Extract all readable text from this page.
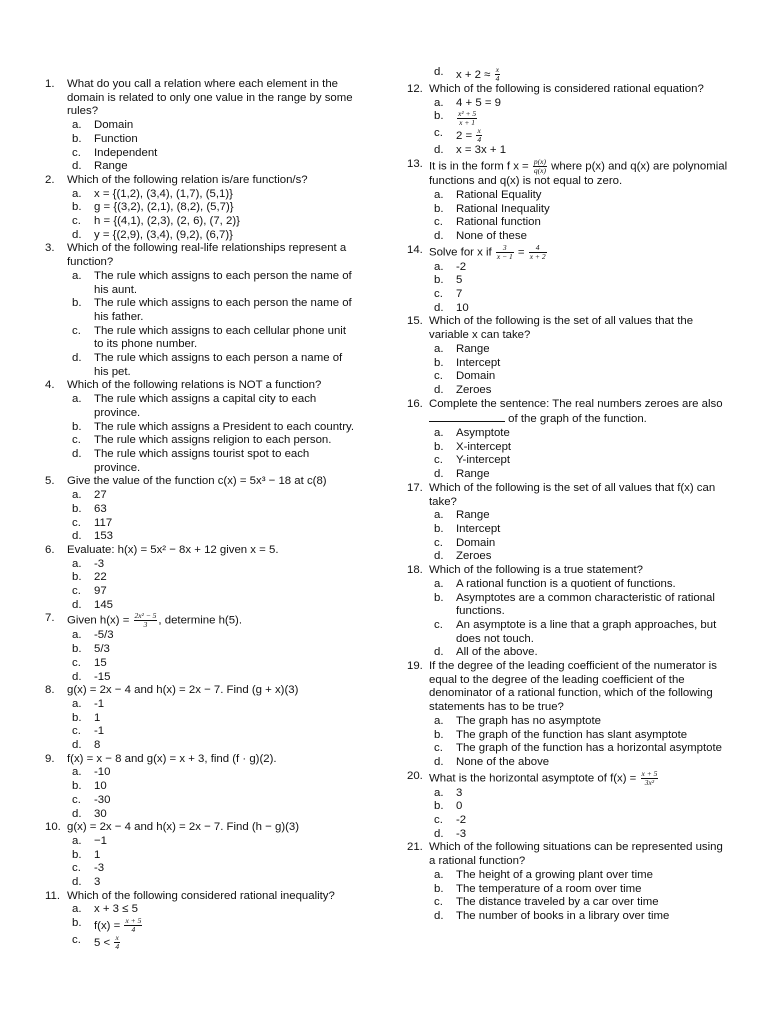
1. What do you call a relation where each element in the domain is related to only one value in the range by some rules?
a. Domain
b. Function
c. Independent
d. Range
2. Which of the following relation is/are function/s?
a. x = {(1,2), (3,4), (1,7), (5,1)}
b. g = {(3,2), (2,1), (8,2), (5,7)}
c. h = {(4,1), (2,3), (2, 6), (7, 2)}
d. y = {(2,9), (3,4), (9,2), (6,7)}
3. Which of the following real-life relationships represent a function?
a. The rule which assigns to each person the name of his aunt.
b. The rule which assigns to each person the name of his father.
c. The rule which assigns to each cellular phone unit to its phone number.
d. The rule which assigns to each person a name of his pet.
4. Which of the following relations is NOT a function?
a. The rule which assigns a capital city to each province.
b. The rule which assigns a President to each country.
c. The rule which assigns religion to each person.
d. The rule which assigns tourist spot to each province.
5. Give the value of the function c(x) = 5x³ − 18 at c(8)
a. 27
b. 63
c. 117
d. 153
6. Evaluate: h(x) = 5x² − 8x + 12 given x = 5.
a. -3
b. 22
c. 97
d. 145
7. Given $h(x) = \frac{\text{2x² − 5}}{3}$ , determine h(5).
a. -5/3
b. 5/3
c. 15
d. -15
8. g(x) = 2x − 4 and h(x) = 2x − 7. Find (g + x)(3)
a. -1
b. 1
c. -1
d. 8
9. f(x) = x − 8 and g(x) = x + 3, find (f · g)(2).
a. -10
b. 10
c. -30
d. 30
10. g(x) = 2x − 4 and h(x) = 2x − 7. Find (h − g)(3)
a. −1
b. 1
c. -3
d. 3
11. Which of the following considered rational inequality?
a. x + 3 ≤ 5
b. $f(x) = \frac{x + 5}{4}$
c. $5 < \frac{x}{4}$
d. $x + 2 \approx \frac{x}{4}$
12. Which of the following is considered rational equation?
a. 4 + 5 = 9
b. $\frac{\text{x² + 5}}{x + 1}$
c. $2 = \frac{x}{4}$
d. x = 3x + 1
13. It is in the form f $x = \frac{p(x)}{q(x)}$ where p(x) and q(x) are polynomial functions and q(x) is not equal to zero.
a. Rational Equality
b. Rational Inequality
c. Rational function
d. None of these
14. Solve for x if $\frac{3}{x - 1} = \frac{4}{x + 2}$
a. -2
b. 5
c. 7
d. 10
15. Which of the following is the set of all values that the variable x can take?
a. Range
b. Intercept
c. Domain
d. Zeroes
16. Complete the sentence: The real numbers zeroes are also  of the graph of the function.
a. Asymptote
b. X-intercept
c. Y-intercept
d. Range
17. Which of the following is the set of all values that f(x) can take?
a. Range
b. Intercept
c. Domain
d. Zeroes
18. Which of the following is a true statement?
a. A rational function is a quotient of functions.
b. Asymptotes are a common characteristic of rational functions.
c. An asymptote is a line that a graph approaches, but does not touch.
d. All of the above.
19. If the degree of the leading coefficient of the numerator is equal to the degree of the leading coefficient of the denominator of a rational function, which of the following statements has to be true?
a. The graph has no asymptote
b. The graph of the function has slant asymptote
c. The graph of the function has a horizontal asymptote
d. None of the above
20. What is the horizontal asymptote of $f(x) = \frac{x + 5}{\text{3x²}}$
a. 3
b. 0
c. -2
d. -3
21. Which of the following situations can be represented using a rational function?
a. The height of a growing plant over time
b. The temperature of a room over time
c. The distance traveled by a car over time
d. The number of books in a library over time
